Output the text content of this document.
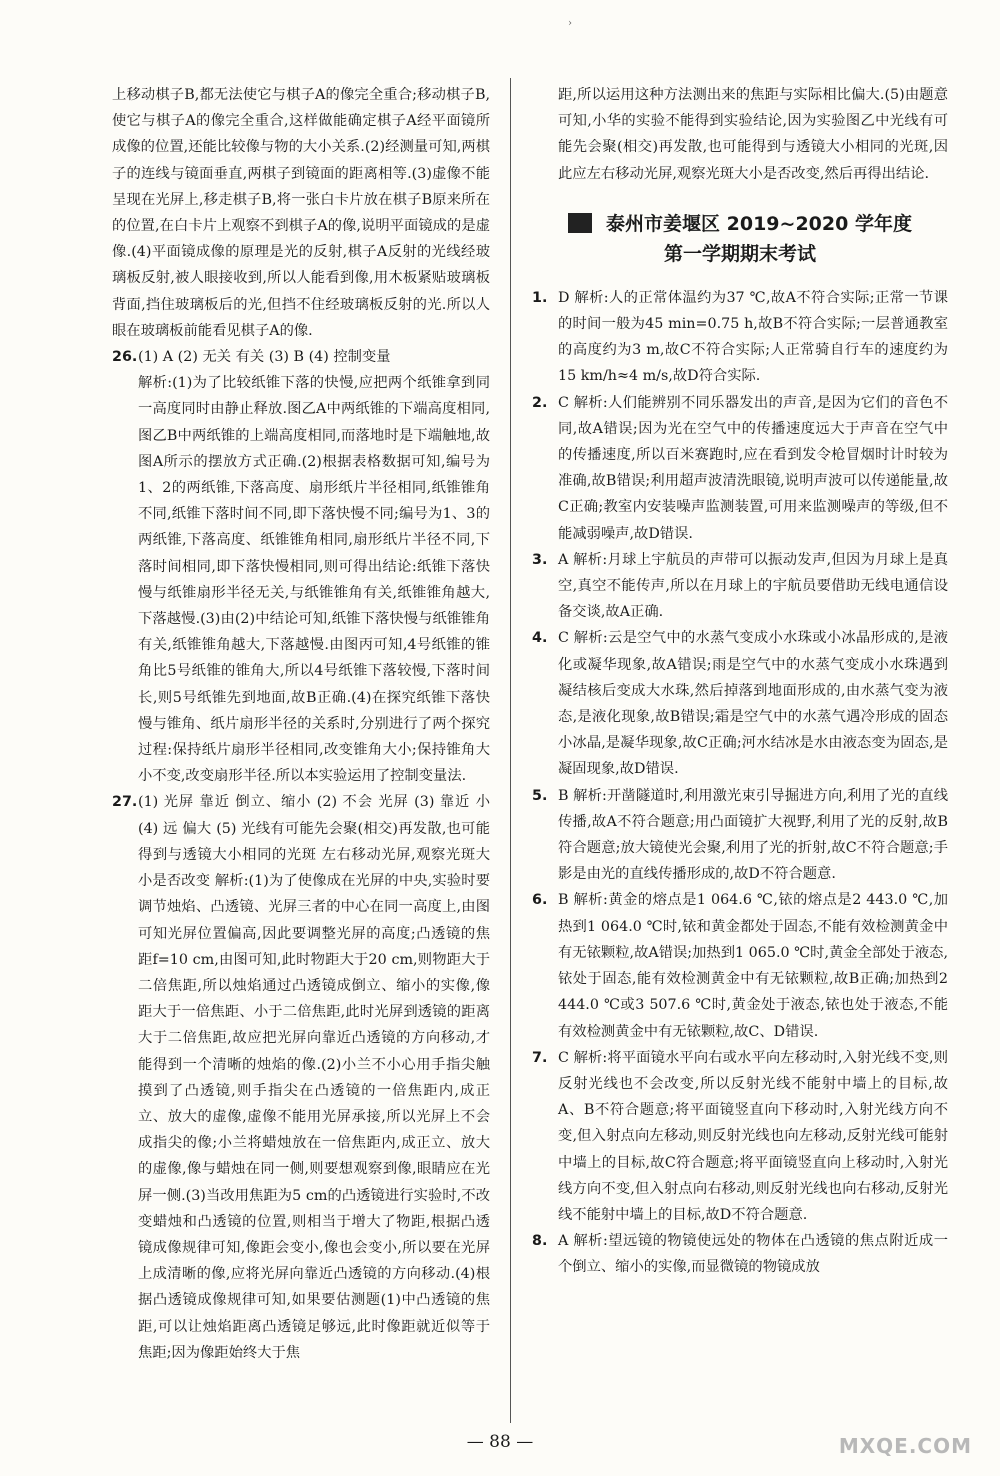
›

上移动棋子B,都无法使它与棋子A的像完全重合;移动棋子B,使它与棋子A的像完全重合,这样做能确定棋子A经平面镜所成像的位置,还能比较像与物的大小关系.(2)经测量可知,两棋子的连线与镜面垂直,两棋子到镜面的距离相等.(3)虚像不能呈现在光屏上,移走棋子B,将一张白卡片放在棋子B原来所在的位置,在白卡片上观察不到棋子A的像,说明平面镜成的是虚像.(4)平面镜成像的原理是光的反射,棋子A反射的光线经玻璃板反射,被人眼接收到,所以人能看到像,用木板紧贴玻璃板背面,挡住玻璃板后的光,但挡不住经玻璃板反射的光.所以人眼在玻璃板前能看见棋子A的像.

26. (1) A (2) 无关 有关 (3) B (4) 控制变量

解析:(1)为了比较纸锥下落的快慢,应把两个纸锥拿到同一高度同时由静止释放.图乙A中两纸锥的下端高度相同,图乙B中两纸锥的上端高度相同,而落地时是下端触地,故图A所示的摆放方式正确.(2)根据表格数据可知,编号为1、2的两纸锥,下落高度、扇形纸片半径相同,纸锥锥角不同,纸锥下落时间不同,即下落快慢不同;编号为1、3的两纸锥,下落高度、纸锥锥角相同,扇形纸片半径不同,下落时间相同,即下落快慢相同,则可得出结论:纸锥下落快慢与纸锥扇形半径无关,与纸锥锥角有关,纸锥锥角越大,下落越慢.(3)由(2)中结论可知,纸锥下落快慢与纸锥锥角有关,纸锥锥角越大,下落越慢.由图丙可知,4号纸锥的锥角比5号纸锥的锥角大,所以4号纸锥下落较慢,下落时间长,则5号纸锥先到地面,故B正确.(4)在探究纸锥下落快慢与锥角、纸片扇形半径的关系时,分别进行了两个探究过程:保持纸片扇形半径相同,改变锥角大小;保持锥角大小不变,改变扇形半径.所以本实验运用了控制变量法.

27. (1) 光屏 靠近 倒立、缩小 (2) 不会 光屏 (3) 靠近 小 (4) 远 偏大 (5) 光线有可能先会聚(相交)再发散,也可能得到与透镜大小相同的光斑 左右移动光屏,观察光斑大小是否改变 解析:(1)为了使像成在光屏的中央,实验时要调节烛焰、凸透镜、光屏三者的中心在同一高度上,由图可知光屏位置偏高,因此要调整光屏的高度;凸透镜的焦距f=10 cm,由图可知,此时物距大于20 cm,则物距大于二倍焦距,所以烛焰通过凸透镜成倒立、缩小的实像,像距大于一倍焦距、小于二倍焦距,此时光屏到透镜的距离大于二倍焦距,故应把光屏向靠近凸透镜的方向移动,才能得到一个清晰的烛焰的像.(2)小兰不小心用手指尖触摸到了凸透镜,则手指尖在凸透镜的一倍焦距内,成正立、放大的虚像,虚像不能用光屏承接,所以光屏上不会成指尖的像;小兰将蜡烛放在一倍焦距内,成正立、放大的虚像,像与蜡烛在同一侧,则要想观察到像,眼睛应在光屏一侧.(3)当改用焦距为5 cm的凸透镜进行实验时,不改变蜡烛和凸透镜的位置,则相当于增大了物距,根据凸透镜成像规律可知,像距会变小,像也会变小,所以要在光屏上成清晰的像,应将光屏向靠近凸透镜的方向移动.(4)根据凸透镜成像规律可知,如果要估测题(1)中凸透镜的焦距,可以让烛焰距离凸透镜足够远,此时像距就近似等于焦距;因为像距始终大于焦

距,所以运用这种方法测出来的焦距与实际相比偏大.(5)由题意可知,小华的实验不能得到实验结论,因为实验图乙中光线有可能先会聚(相交)再发散,也可能得到与透镜大小相同的光斑,因此应左右移动光屏,观察光斑大小是否改变,然后再得出结论.

泰州市姜堰区 2019~2020 学年度
第一学期期末考试
1. D 解析:人的正常体温约为37 ℃,故A不符合实际;正常一节课的时间一般为45 min=0.75 h,故B不符合实际;一层普通教室的高度约为3 m,故C不符合实际;人正常骑自行车的速度约为15 km/h≈4 m/s,故D符合实际.

2. C 解析:人们能辨别不同乐器发出的声音,是因为它们的音色不同,故A错误;因为光在空气中的传播速度远大于声音在空气中的传播速度,所以百米赛跑时,应在看到发令枪冒烟时计时较为准确,故B错误;利用超声波清洗眼镜,说明声波可以传递能量,故C正确;教室内安装噪声监测装置,可用来监测噪声的等级,但不能减弱噪声,故D错误.

3. A 解析:月球上宇航员的声带可以振动发声,但因为月球上是真空,真空不能传声,所以在月球上的宇航员要借助无线电通信设备交谈,故A正确.

4. C 解析:云是空气中的水蒸气变成小水珠或小冰晶形成的,是液化或凝华现象,故A错误;雨是空气中的水蒸气变成小水珠遇到凝结核后变成大水珠,然后掉落到地面形成的,由水蒸气变为液态,是液化现象,故B错误;霜是空气中的水蒸气遇冷形成的固态小冰晶,是凝华现象,故C正确;河水结冰是水由液态变为固态,是凝固现象,故D错误.

5. B 解析:开凿隧道时,利用激光束引导掘进方向,利用了光的直线传播,故A不符合题意;用凸面镜扩大视野,利用了光的反射,故B符合题意;放大镜使光会聚,利用了光的折射,故C不符合题意;手影是由光的直线传播形成的,故D不符合题意.

6. B 解析:黄金的熔点是1 064.6 ℃,铱的熔点是2 443.0 ℃,加热到1 064.0 ℃时,铱和黄金都处于固态,不能有效检测黄金中有无铱颗粒,故A错误;加热到1 065.0 ℃时,黄金全部处于液态,铱处于固态,能有效检测黄金中有无铱颗粒,故B正确;加热到2 444.0 ℃或3 507.6 ℃时,黄金处于液态,铱也处于液态,不能有效检测黄金中有无铱颗粒,故C、D错误.

7. C 解析:将平面镜水平向右或水平向左移动时,入射光线不变,则反射光线也不会改变,所以反射光线不能射中墙上的目标,故A、B不符合题意;将平面镜竖直向下移动时,入射光线方向不变,但入射点向左移动,则反射光线也向左移动,反射光线可能射中墙上的目标,故C符合题意;将平面镜竖直向上移动时,入射光线方向不变,但入射点向右移动,则反射光线也向右移动,反射光线不能射中墙上的目标,故D不符合题意.

8. A 解析:望远镜的物镜使远处的物体在凸透镜的焦点附近成一个倒立、缩小的实像,而显微镜的物镜成放

— 88 —	MXQE.COM
